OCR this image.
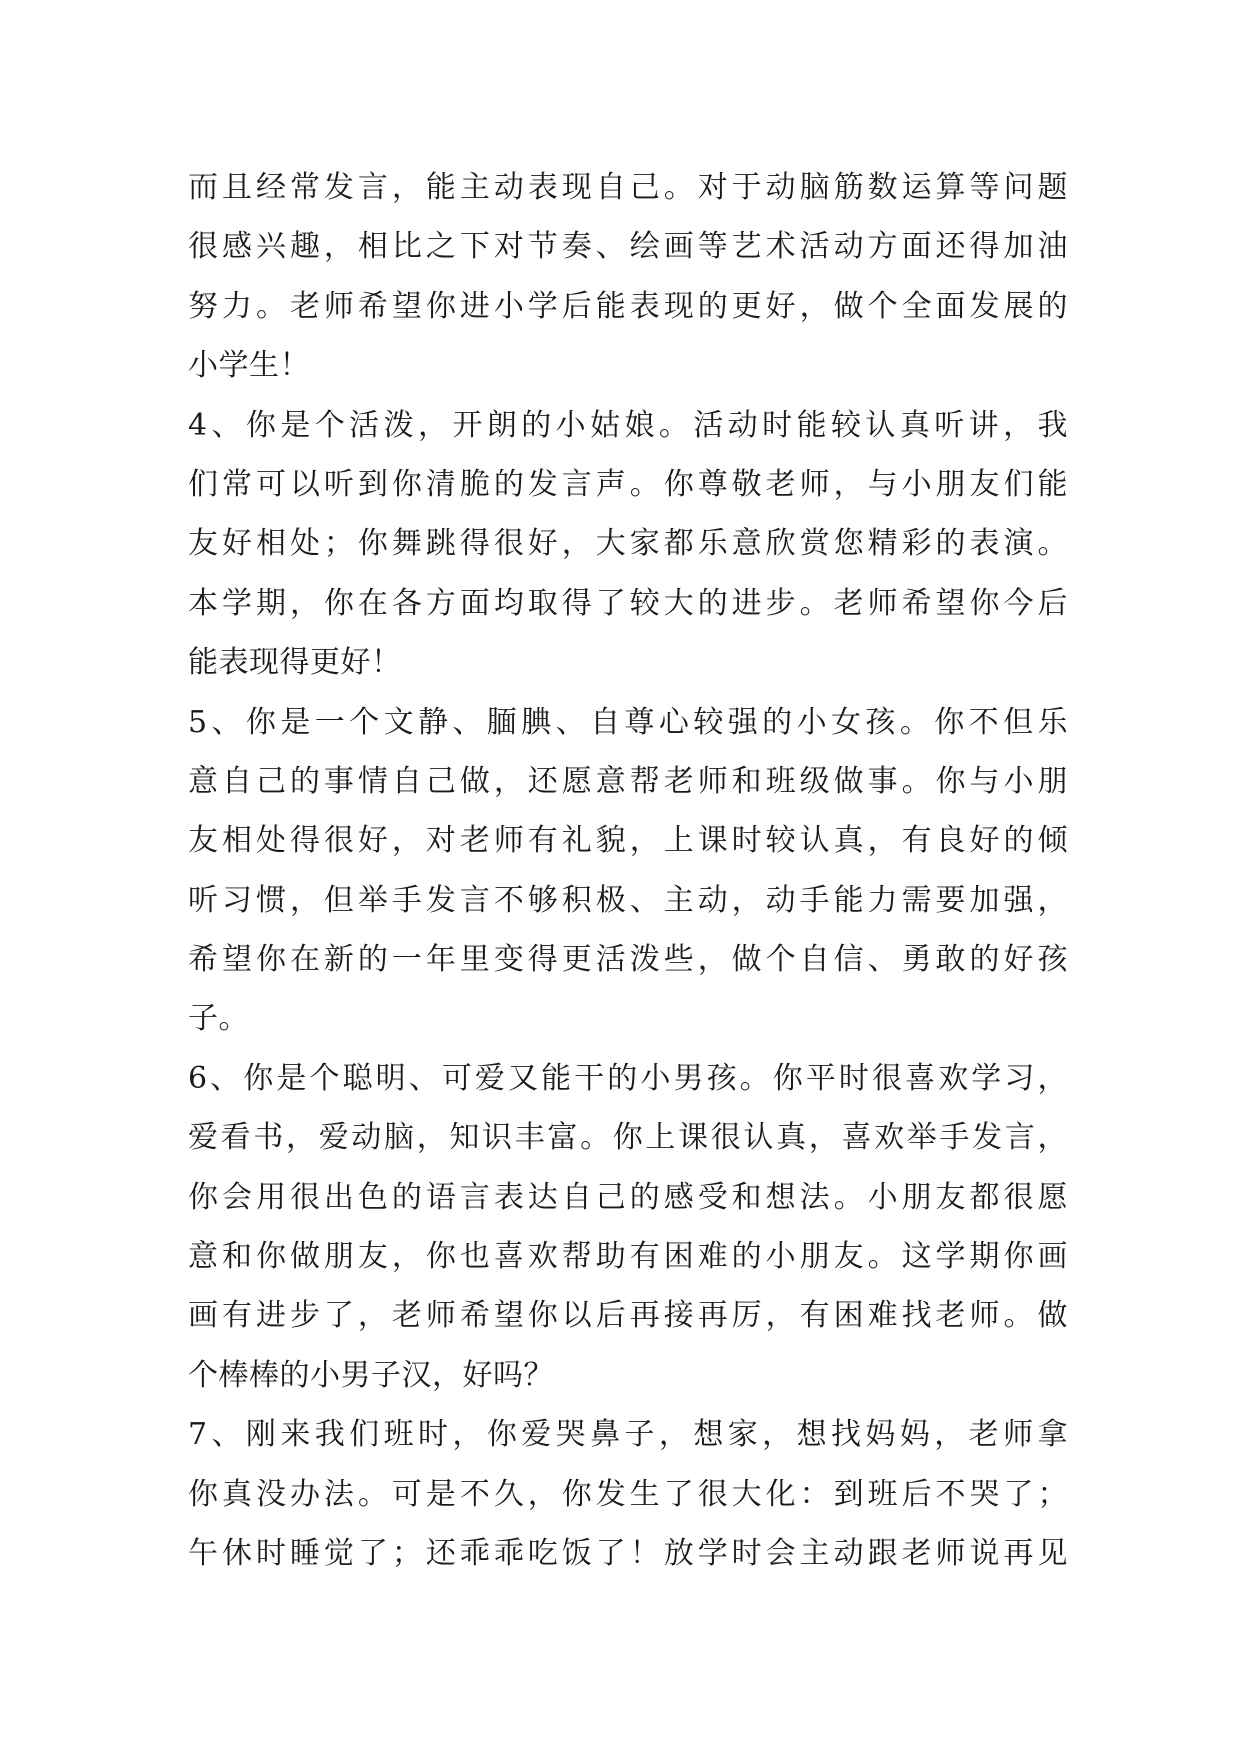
而且经常发言，能主动表现自己。对于动脑筋数运算等问题
很感兴趣，相比之下对节奏、绘画等艺术活动方面还得加油
努力。老师希望你进小学后能表现的更好，做个全面发展的
小学生！
4、你是个活泼，开朗的小姑娘。活动时能较认真听讲，我
们常可以听到你清脆的发言声。你尊敬老师，与小朋友们能
友好相处；你舞跳得很好，大家都乐意欣赏您精彩的表演。
本学期，你在各方面均取得了较大的进步。老师希望你今后
能表现得更好！
5、你是一个文静、腼腆、自尊心较强的小女孩。你不但乐
意自己的事情自己做，还愿意帮老师和班级做事。你与小朋
友相处得很好，对老师有礼貌，上课时较认真，有良好的倾
听习惯，但举手发言不够积极、主动，动手能力需要加强，
希望你在新的一年里变得更活泼些，做个自信、勇敢的好孩
子。
6、你是个聪明、可爱又能干的小男孩。你平时很喜欢学习，
爱看书，爱动脑，知识丰富。你上课很认真，喜欢举手发言，
你会用很出色的语言表达自己的感受和想法。小朋友都很愿
意和你做朋友，你也喜欢帮助有困难的小朋友。这学期你画
画有进步了，老师希望你以后再接再厉，有困难找老师。做
个棒棒的小男子汉，好吗？
7、刚来我们班时，你爱哭鼻子，想家，想找妈妈，老师拿
你真没办法。可是不久，你发生了很大化：到班后不哭了；
午休时睡觉了；还乖乖吃饭了！放学时会主动跟老师说再见
